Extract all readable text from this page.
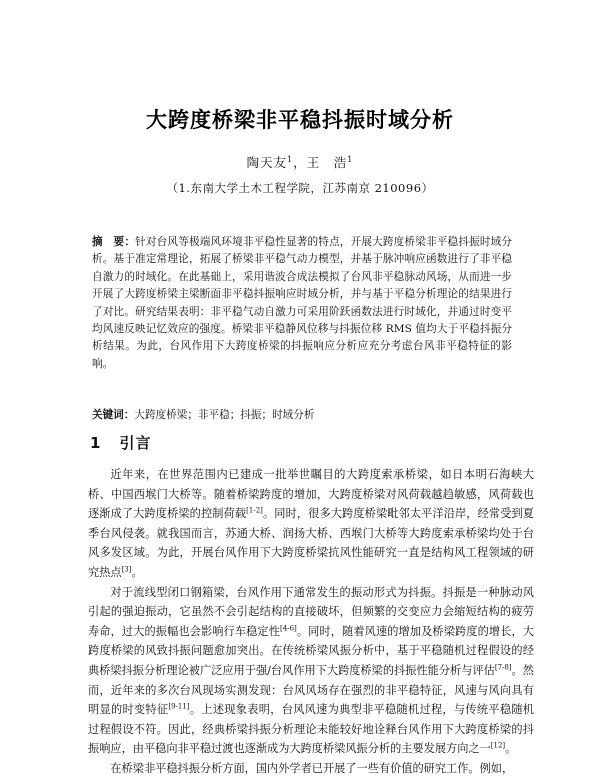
大跨度桥梁非平稳抖振时域分析
陶天友$^1$，王　浩$^1$
（1.东南大学土木工程学院，江苏南京 210096）
摘　要：针对台风等极端风环境非平稳性显著的特点，开展大跨度桥梁非平稳抖振时域分析。基于准定常理论，拓展了桥梁非平稳气动力模型，并基于脉冲响应函数进行了非平稳自激力的时域化。在此基础上，采用谐波合成法模拟了台风非平稳脉动风场，从而进一步开展了大跨度桥梁主梁断面非平稳抖振响应时域分析，并与基于平稳分析理论的结果进行了对比。研究结果表明：非平稳气动自激力可采用阶跃函数法进行时域化，并通过时变平均风速反映记忆效应的强度。桥梁非平稳静风位移与抖振位移 RMS 值均大于平稳抖振分析结果。为此，台风作用下大跨度桥梁的抖振响应分析应充分考虑台风非平稳特征的影响。
关键词：大跨度桥梁；非平稳；抖振；时域分析
1 引言

近年来，在世界范围内已建成一批举世瞩目的大跨度索承桥梁，如日本明石海峡大桥、中国西堠门大桥等。随着桥梁跨度的增加，大跨度桥梁对风荷载越趋敏感，风荷载也逐渐成了大跨度桥梁的控制荷载[1-2]。同时，很多大跨度桥梁毗邻太平洋沿岸，经常受到夏季台风侵袭。就我国而言，苏通大桥、润扬大桥、西堠门大桥等大跨度索承桥梁均处于台风多发区域。为此，开展台风作用下大跨度桥梁抗风性能研究一直是结构风工程领域的研究热点[3]。

对于流线型闭口钢箱梁，台风作用下通常发生的振动形式为抖振。抖振是一种脉动风引起的强迫振动，它虽然不会引起结构的直接破坏，但频繁的交变应力会缩短结构的疲劳寿命，过大的振幅也会影响行车稳定性[4-6]。同时，随着风速的增加及桥梁跨度的增长，大跨度桥梁的风致抖振问题愈加突出。在传统桥梁风振分析中，基于平稳随机过程假设的经典桥梁抖振分析理论被广泛应用于强/台风作用下大跨度桥梁的抖振性能分析与评估[7-8]。然而，近年来的多次台风现场实测发现：台风风场存在强烈的非平稳特征，风速与风向具有明显的时变特征[9-11]。上述现象表明，台风风速为典型非平稳随机过程，与传统平稳随机过程假设不符。因此，经典桥梁抖振分析理论未能较好地诠释台风作用下大跨度桥梁的抖振响应，由平稳向非平稳过渡也逐渐成为大跨度桥梁风振分析的主要发展方向之一[12]。

在桥梁非平稳抖振分析方面，国内外学者已开展了一些有价值的研究工作。例如，
